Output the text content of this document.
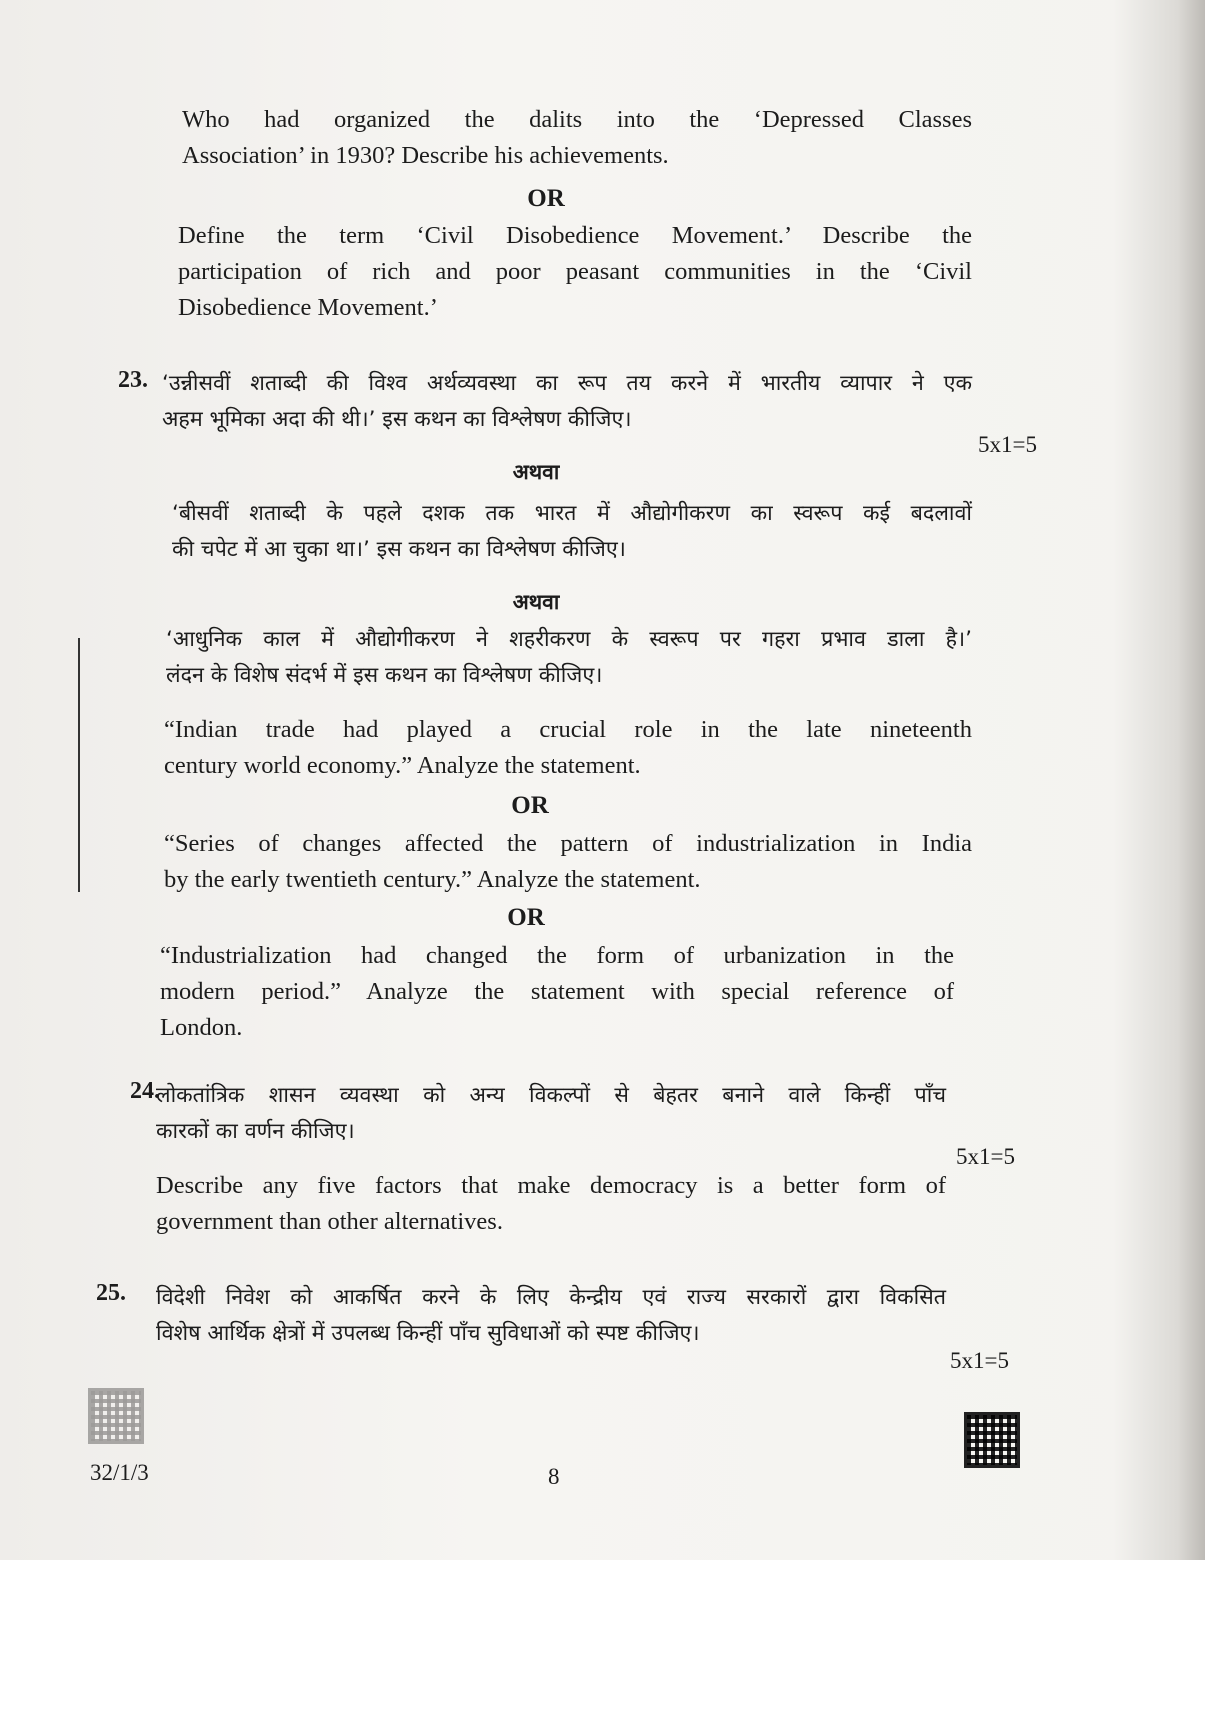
Who had organized the dalits into the ‘Depressed Classes

Association’ in 1930? Describe his achievements.

OR

Define the term ‘Civil Disobedience Movement.’ Describe the

participation of rich and poor peasant communities in the ‘Civil

Disobedience Movement.’

23. ‘उन्नीसवीं शताब्दी की विश्व अर्थव्यवस्था का रूप तय करने में भारतीय व्यापार ने एक

अहम भूमिका अदा की थी।’ इस कथन का विश्लेषण कीजिए।

5x1=5
अथवा

‘बीसवीं शताब्दी के पहले दशक तक भारत में औद्योगीकरण का स्वरूप कई बदलावों

की चपेट में आ चुका था।’ इस कथन का विश्लेषण कीजिए।

अथवा

‘आधुनिक काल में औद्योगीकरण ने शहरीकरण के स्वरूप पर गहरा प्रभाव डाला है।’

लंदन के विशेष संदर्भ में इस कथन का विश्लेषण कीजिए।

“Indian trade had played a crucial role in the late nineteenth

century world economy.” Analyze the statement.

OR

“Series of changes affected the pattern of industrialization in India

by the early twentieth century.” Analyze the statement.

OR

“Industrialization had changed the form of urbanization in the

modern period.” Analyze the statement with special reference of

London.

24.

लोकतांत्रिक शासन व्यवस्था को अन्य विकल्पों से बेहतर बनाने वाले किन्हीं पाँच

कारकों का वर्णन कीजिए।

5x1=5

Describe any five factors that make democracy is a better form of

government than other alternatives.

25. विदेशी निवेश को आकर्षित करने के लिए केन्द्रीय एवं राज्य सरकारों द्वारा विकसित

विशेष आर्थिक क्षेत्रों में उपलब्ध किन्हीं पाँच सुविधाओं को स्पष्ट कीजिए।

5x1=5
32/1/3	8
